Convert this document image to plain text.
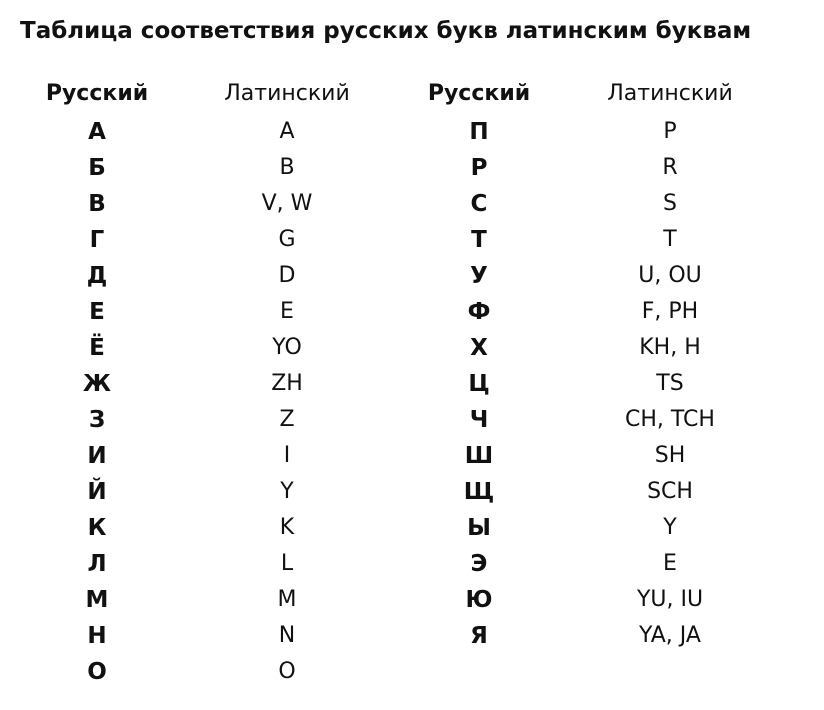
Таблица соответствия русских букв латинским буквам
Русский
А
Б
В
Г
Д
Е
Ё
Ж
З
И
Й
К
Л
М
Н
О
Латинский
A
B
V, W
G
D
E
YO
ZH
Z
I
Y
K
L
M
N
O
Русский
П
Р
С
Т
У
Ф
Х
Ц
Ч
Ш
Щ
Ы
Э
Ю
Я
Латинский
P
R
S
T
U, OU
F, PH
KH, H
TS
CH, TCH
SH
SCH
Y
E
YU, IU
YA, JA
